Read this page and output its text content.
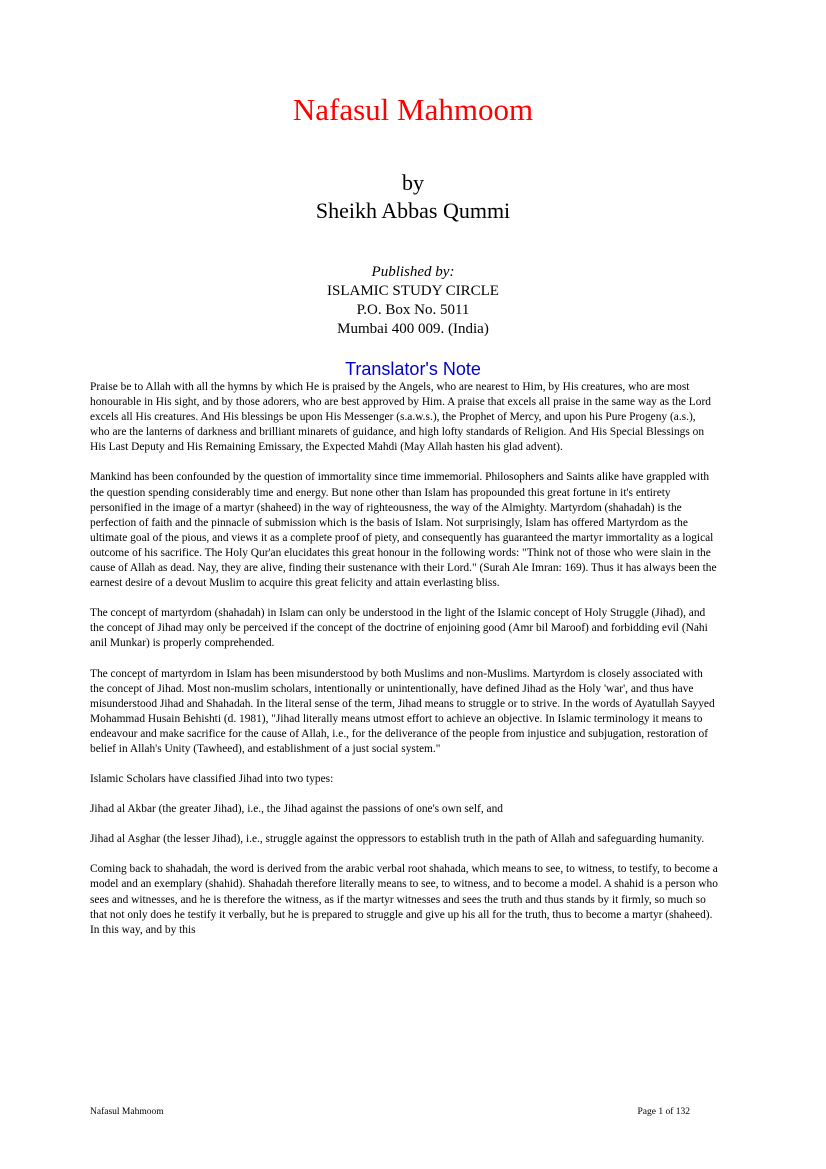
Nafasul Mahmoom
by
Sheikh Abbas Qummi
Published by:
ISLAMIC STUDY CIRCLE
P.O. Box No. 5011
Mumbai 400 009. (India)
Translator's Note

Praise be to Allah with all the hymns by which He is praised by the Angels, who are nearest to Him, by His creatures, who are most honourable in His sight, and by those adorers, who are best approved by Him. A praise that excels all praise in the same way as the Lord excels all His creatures. And His blessings be upon His Messenger (s.a.w.s.), the Prophet of Mercy, and upon his Pure Progeny (a.s.), who are the lanterns of darkness and brilliant minarets of guidance, and high lofty standards of Religion. And His Special Blessings on His Last Deputy and His Remaining Emissary, the Expected Mahdi (May Allah hasten his glad advent).

Mankind has been confounded by the question of immortality since time immemorial. Philosophers and Saints alike have grappled with the question spending considerably time and energy. But none other than Islam has propounded this great fortune in it's entirety personified in the image of a martyr (shaheed) in the way of righteousness, the way of the Almighty. Martyrdom (shahadah) is the perfection of faith and the pinnacle of submission which is the basis of Islam. Not surprisingly, Islam has offered Martyrdom as the ultimate goal of the pious, and views it as a complete proof of piety, and consequently has guaranteed the martyr immortality as a logical outcome of his sacrifice. The Holy Qur'an elucidates this great honour in the following words: "Think not of those who were slain in the cause of Allah as dead. Nay, they are alive, finding their sustenance with their Lord." (Surah Ale Imran: 169). Thus it has always been the earnest desire of a devout Muslim to acquire this great felicity and attain everlasting bliss.

The concept of martyrdom (shahadah) in Islam can only be understood in the light of the Islamic concept of Holy Struggle (Jihad), and the concept of Jihad may only be perceived if the concept of the doctrine of enjoining good (Amr bil Maroof) and forbidding evil (Nahi anil Munkar) is properly comprehended.

The concept of martyrdom in Islam has been misunderstood by both Muslims and non-Muslims. Martyrdom is closely associated with the concept of Jihad. Most non-muslim scholars, intentionally or unintentionally, have defined Jihad as the Holy 'war', and thus have misunderstood Jihad and Shahadah. In the literal sense of the term, Jihad means to struggle or to strive. In the words of Ayatullah Sayyed Mohammad Husain Behishti (d. 1981), "Jihad literally means utmost effort to achieve an objective. In Islamic terminology it means to endeavour and make sacrifice for the cause of Allah, i.e., for the deliverance of the people from injustice and subjugation, restoration of belief in Allah's Unity (Tawheed), and establishment of a just social system."

Islamic Scholars have classified Jihad into two types:

Jihad al Akbar (the greater Jihad), i.e., the Jihad against the passions of one's own self, and

Jihad al Asghar (the lesser Jihad), i.e., struggle against the oppressors to establish truth in the path of Allah and safeguarding humanity.

Coming back to shahadah, the word is derived from the arabic verbal root shahada, which means to see, to witness, to testify, to become a model and an exemplary (shahid). Shahadah therefore literally means to see, to witness, and to become a model. A shahid is a person who sees and witnesses, and he is therefore the witness, as if the martyr witnesses and sees the truth and thus stands by it firmly, so much so that not only does he testify it verbally, but he is prepared to struggle and give up his all for the truth, thus to become a martyr (shaheed). In this way, and by this

Nafasul Mahmoom	Page 1 of 132
